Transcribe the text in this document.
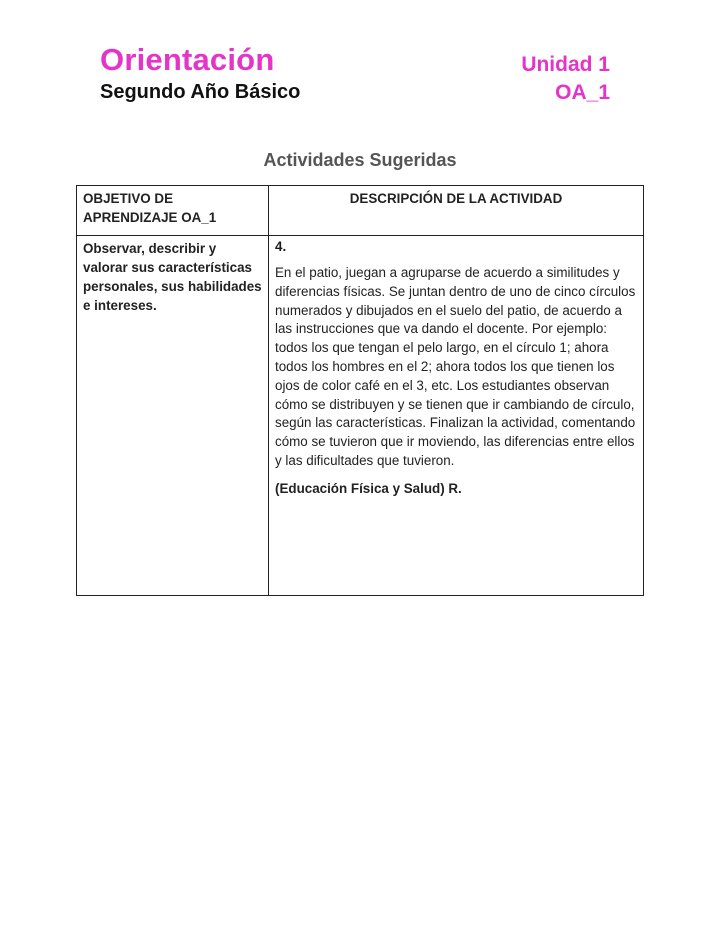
Orientación
Segundo Año Básico
Unidad 1
OA_1
Actividades Sugeridas
OBJETIVO DE APRENDIZAJE OA_1	DESCRIPCIÓN DE LA ACTIVIDAD

Observar, describir y valorar sus características personales, sus habilidades e intereses.	4.
En el patio, juegan a agruparse de acuerdo a similitudes y diferencias físicas. Se juntan dentro de uno de cinco círculos numerados y dibujados en el suelo del patio, de acuerdo a las instrucciones que va dando el docente. Por ejemplo: todos los que tengan el pelo largo, en el círculo 1; ahora todos los hombres en el 2; ahora todos los que tienen los ojos de color café en el 3, etc. Los estudiantes observan cómo se distribuyen y se tienen que ir cambiando de círculo, según las características. Finalizan la actividad, comentando cómo se tuvieron que ir moviendo, las diferencias entre ellos y las dificultades que tuvieron.
(Educación Física y Salud) R.
